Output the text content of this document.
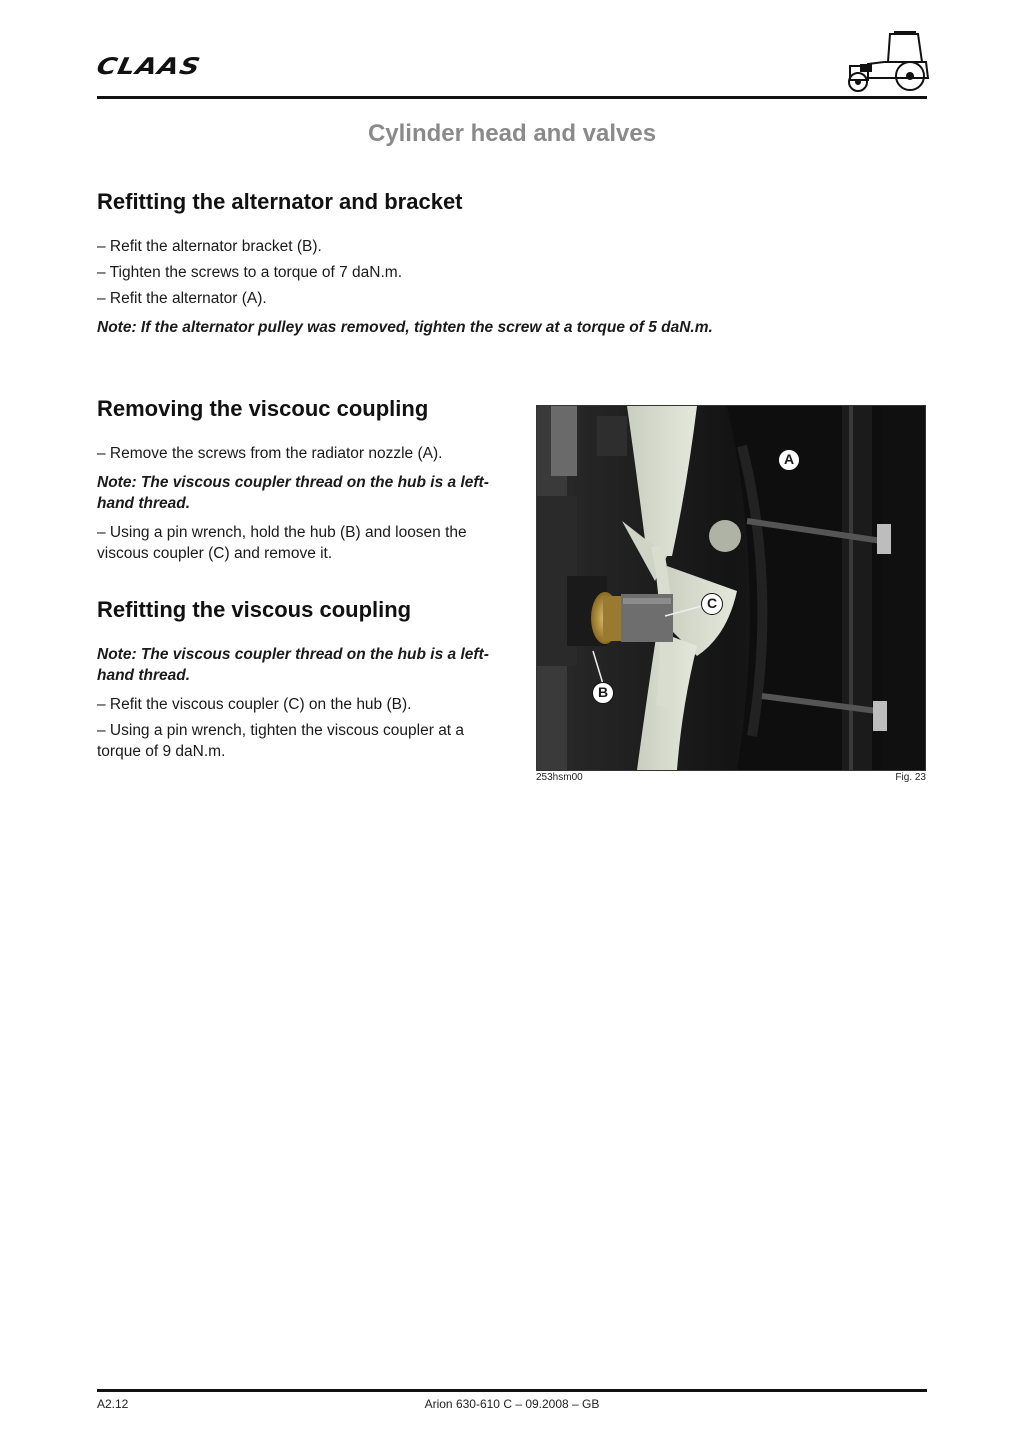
CLAAS
Cylinder head and valves
Refitting the alternator and bracket

– Refit the alternator bracket (B).

– Tighten the screws to a torque of 7 daN.m.

– Refit the alternator (A).

Note: If the alternator pulley was removed, tighten the screw at a torque of 5 daN.m.

Removing the viscouc coupling

– Remove the screws from the radiator nozzle (A).

Note: The viscous coupler thread on the hub is a left-

hand thread.

– Using a pin wrench, hold the hub (B) and loosen the

viscous coupler (C) and remove it.

Refitting the viscous coupling

Note: The viscous coupler thread on the hub is a left-

hand thread.

– Refit the viscous coupler (C) on the hub (B).

– Using a pin wrench, tighten the viscous coupler at a

torque of 9 daN.m.

A
C
B
253hsm00	Fig. 23
A2.12	Arion 630-610 C – 09.2008 – GB
